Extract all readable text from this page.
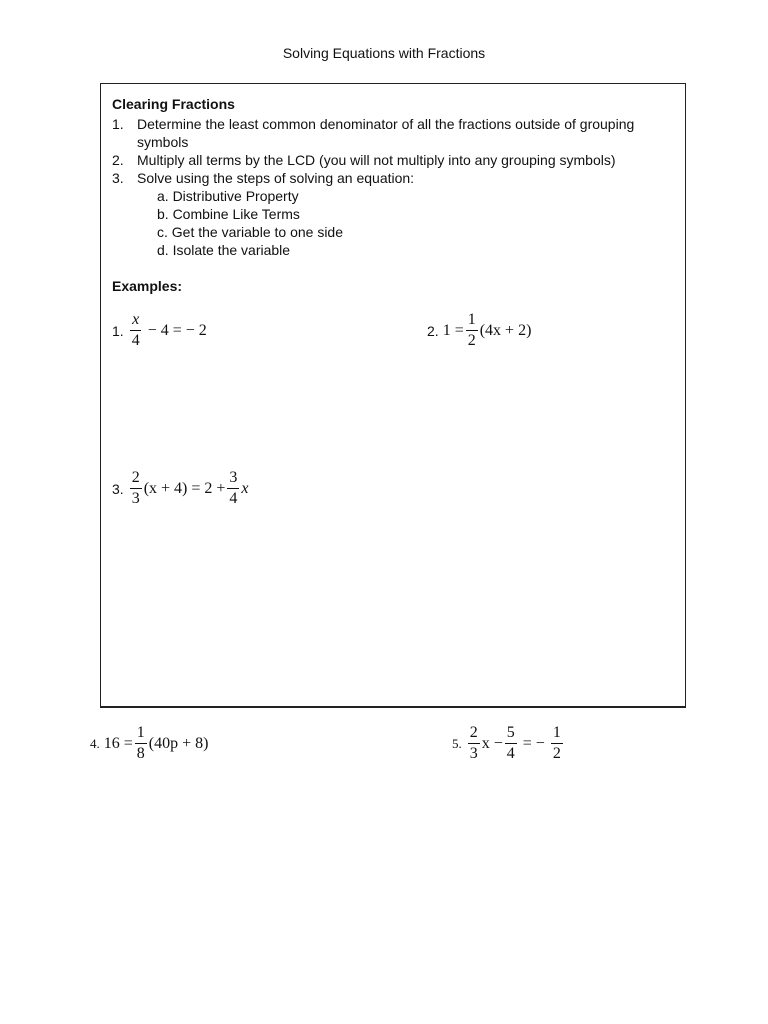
Solving Equations with Fractions
Clearing Fractions
1. Determine the least common denominator of all the fractions outside of grouping symbols
2. Multiply all terms by the LCD (you will not multiply into any grouping symbols)
3. Solve using the steps of solving an equation:
a. Distributive Property
b. Combine Like Terms
c. Get the variable to one side
d. Isolate the variable
Examples:
1. $\frac{x}{4} - 4$ = − 2	2. $1 = \frac{1}{2} (4x + 2)$
3. $\frac{2}{3} (x + 4) = 2 + \frac{3}{4}$ x
4. $16 = \frac{1}{8} (40p + 8)$	5. $\frac{2}{3}$ $x - \frac{5}{4}$ = − $\frac{1}{2}$
